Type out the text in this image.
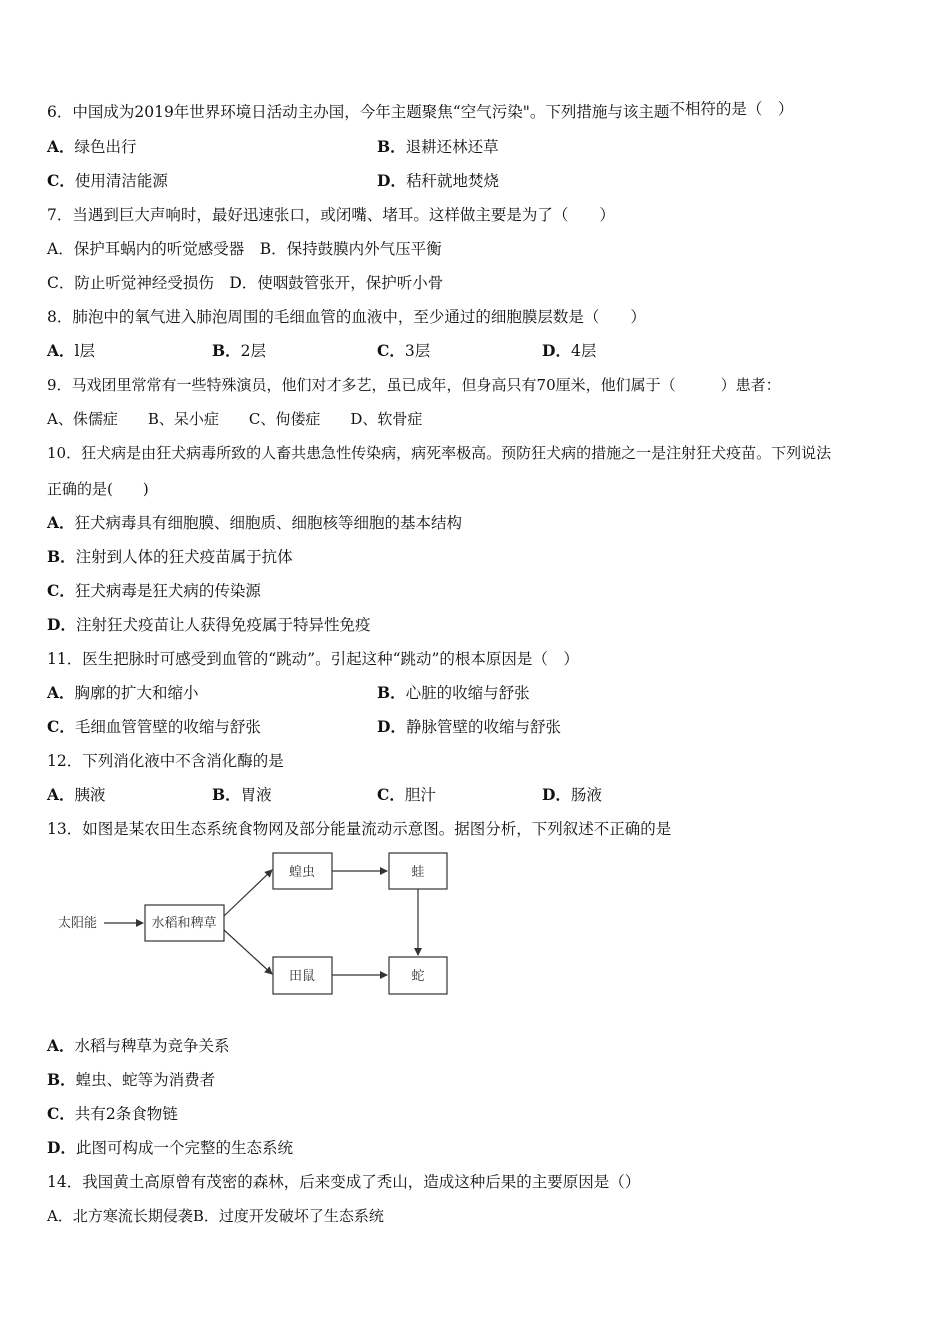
6．中国成为2019年世界环境日活动主办国，今年主题聚焦“空气污染"。下列措施与该主题不相符的是（　）
A．绿色出行	B．退耕还林还草
C．使用清洁能源	D．秸秆就地焚烧
7．当遇到巨大声响时，最好迅速张口，或闭嘴、堵耳。这样做主要是为了（　　）
A．保护耳蜗内的听觉感受器　B．保持鼓膜内外气压平衡
C．防止听觉神经受损伤　D．使咽鼓管张开，保护听小骨
8．肺泡中的氧气进入肺泡周围的毛细血管的血液中，至少通过的细胞膜层数是（　　）
A．l层	B．2层	C．3层	D．4层
9．马戏团里常常有一些特殊演员，他们对才多艺，虽已成年，但身高只有70厘米，他们属于（　　　）患者：
A、侏儒症　　B、呆小症　　C、佝偻症　　D、软骨症
10．狂犬病是由狂犬病毒所致的人畜共患急性传染病，病死率极高。预防狂犬病的措施之一是注射狂犬疫苗。下列说法
正确的是(　　)
A．狂犬病毒具有细胞膜、细胞质、细胞核等细胞的基本结构
B．注射到人体的狂犬疫苗属于抗体
C．狂犬病毒是狂犬病的传染源
D．注射狂犬疫苗让人获得免疫属于特异性免疫
11．医生把脉时可感受到血管的“跳动”。引起这种“跳动”的根本原因是（　）
A．胸廓的扩大和缩小	B．心脏的收缩与舒张
C．毛细血管管壁的收缩与舒张	D．静脉管壁的收缩与舒张
12．下列消化液中不含消化酶的是
A．胰液	B．胃液	C．胆汁	D．肠液
13．如图是某农田生态系统食物网及部分能量流动示意图。据图分析，下列叙述不正确的是
太阳能	水稻和稗草
蝗虫	蛙
田鼠	蛇
A．水稻与稗草为竞争关系
B．蝗虫、蛇等为消费者
C．共有2条食物链
D．此图可构成一个完整的生态系统
14．我国黄土高原曾有茂密的森林，后来变成了秃山，造成这种后果的主要原因是（）
A．北方寒流长期侵袭B．过度开发破坏了生态系统
